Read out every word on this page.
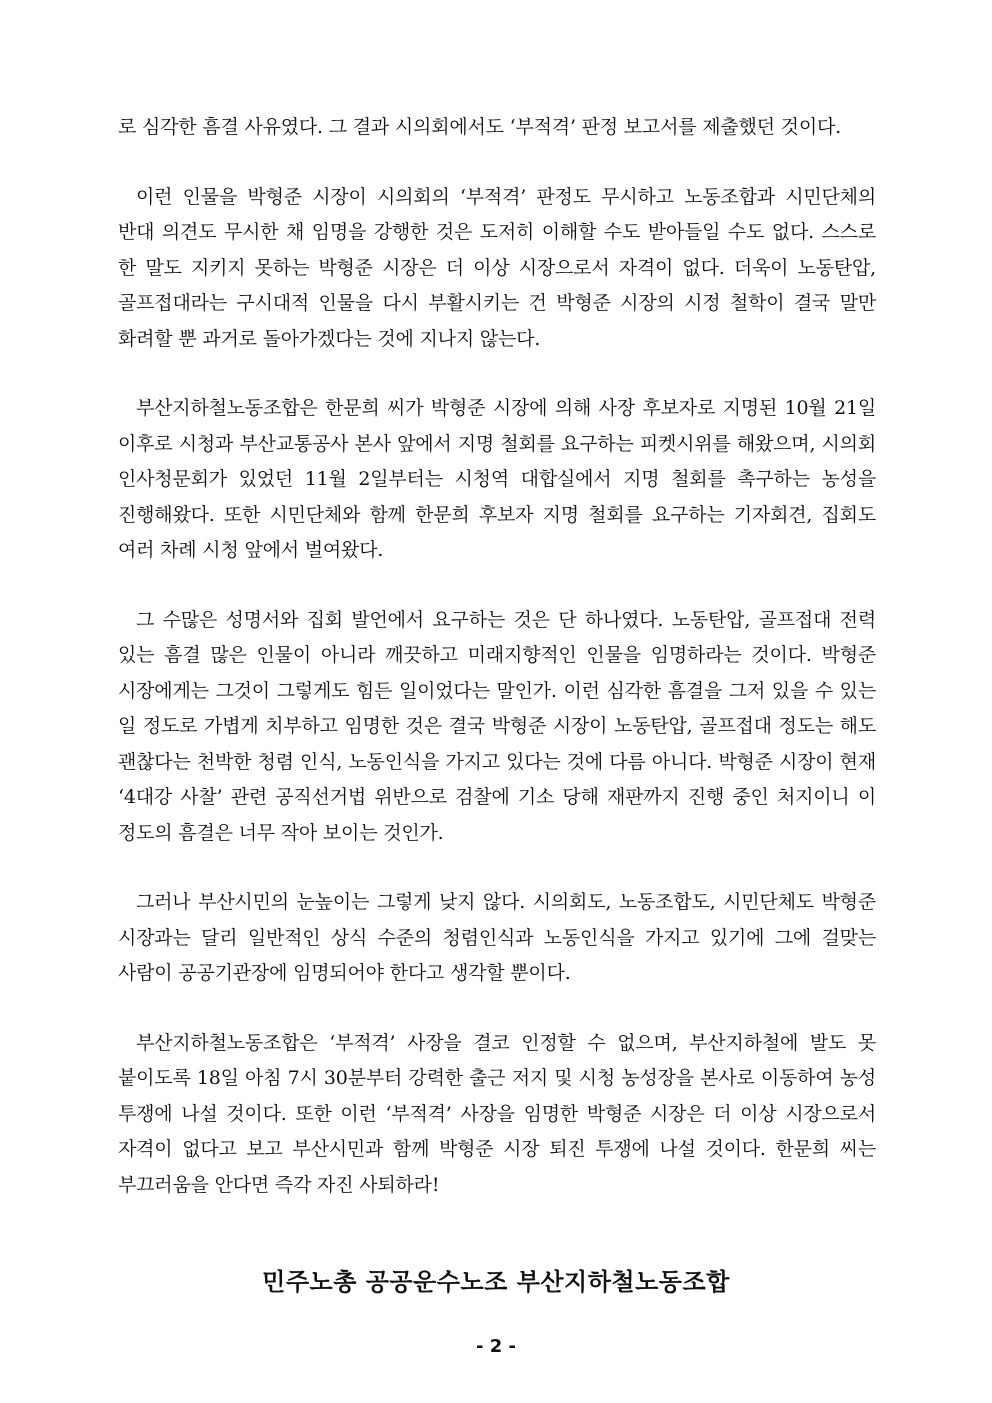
로 심각한 흠결 사유였다. 그 결과 시의회에서도 ‘부적격’ 판정 보고서를 제출했던 것이다.

이런 인물을 박형준 시장이 시의회의 ‘부적격’ 판정도 무시하고 노동조합과 시민단체의 반대 의견도 무시한 채 임명을 강행한 것은 도저히 이해할 수도 받아들일 수도 없다. 스스로 한 말도 지키지 못하는 박형준 시장은 더 이상 시장으로서 자격이 없다. 더욱이 노동탄압, 골프접대라는 구시대적 인물을 다시 부활시키는 건 박형준 시장의 시정 철학이 결국 말만 화려할 뿐 과거로 돌아가겠다는 것에 지나지 않는다.

부산지하철노동조합은 한문희 씨가 박형준 시장에 의해 사장 후보자로 지명된 10월 21일 이후로 시청과 부산교통공사 본사 앞에서 지명 철회를 요구하는 피켓시위를 해왔으며, 시의회 인사청문회가 있었던 11월 2일부터는 시청역 대합실에서 지명 철회를 촉구하는 농성을 진행해왔다. 또한 시민단체와 함께 한문희 후보자 지명 철회를 요구하는 기자회견, 집회도 여러 차례 시청 앞에서 벌여왔다.

그 수많은 성명서와 집회 발언에서 요구하는 것은 단 하나였다. 노동탄압, 골프접대 전력 있는 흠결 많은 인물이 아니라 깨끗하고 미래지향적인 인물을 임명하라는 것이다. 박형준 시장에게는 그것이 그렇게도 힘든 일이었다는 말인가. 이런 심각한 흠결을 그저 있을 수 있는 일 정도로 가볍게 치부하고 임명한 것은 결국 박형준 시장이 노동탄압, 골프접대 정도는 해도 괜찮다는 천박한 청렴 인식, 노동인식을 가지고 있다는 것에 다름 아니다. 박형준 시장이 현재 ‘4대강 사찰’ 관련 공직선거법 위반으로 검찰에 기소 당해 재판까지 진행 중인 처지이니 이 정도의 흠결은 너무 작아 보이는 것인가.

그러나 부산시민의 눈높이는 그렇게 낮지 않다. 시의회도, 노동조합도, 시민단체도 박형준 시장과는 달리 일반적인 상식 수준의 청렴인식과 노동인식을 가지고 있기에 그에 걸맞는 사람이 공공기관장에 임명되어야 한다고 생각할 뿐이다.

부산지하철노동조합은 ‘부적격’ 사장을 결코 인정할 수 없으며, 부산지하철에 발도 못 붙이도록 18일 아침 7시 30분부터 강력한 출근 저지 및 시청 농성장을 본사로 이동하여 농성 투쟁에 나설 것이다. 또한 이런 ‘부적격’ 사장을 임명한 박형준 시장은 더 이상 시장으로서 자격이 없다고 보고 부산시민과 함께 박형준 시장 퇴진 투쟁에 나설 것이다. 한문희 씨는 부끄러움을 안다면 즉각 자진 사퇴하라!

민주노총 공공운수노조 부산지하철노동조합
- 2 -
